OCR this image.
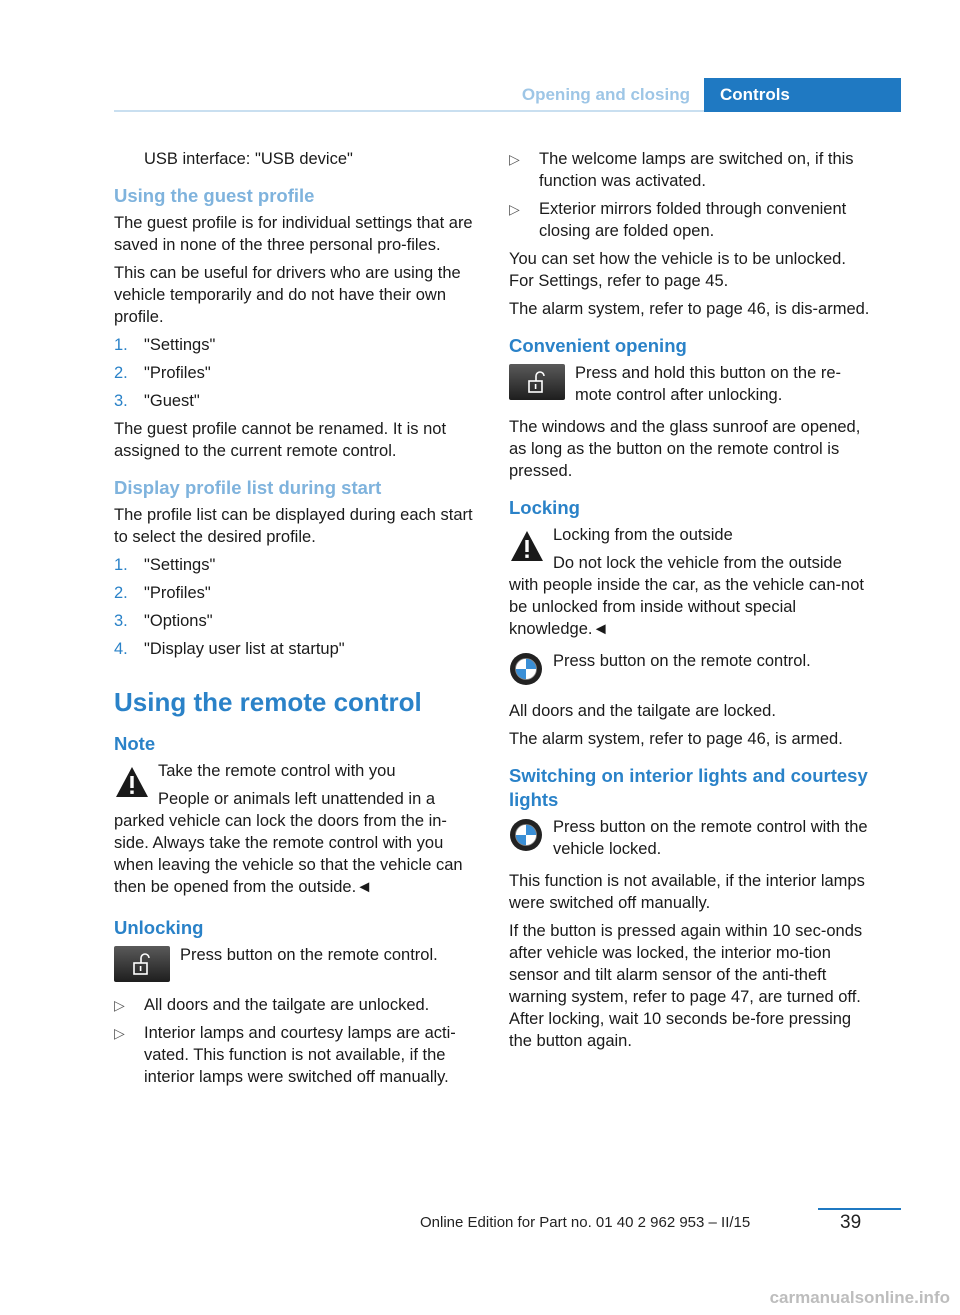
Opening and closing	Controls

USB interface: "USB device"

Using the guest profile

The guest profile is for individual settings that are saved in none of the three personal pro-files.

This can be useful for drivers who are using the vehicle temporarily and do not have their own profile.

1. "Settings"
2. "Profiles"
3. "Guest"

The guest profile cannot be renamed. It is not assigned to the current remote control.

Display profile list during start

The profile list can be displayed during each start to select the desired profile.

1. "Settings"
2. "Profiles"
3. "Options"
4. "Display user list at startup"
Using the remote control
Note

Take the remote control with you

People or animals left unattended in a parked vehicle can lock the doors from the in-side. Always take the remote control with you when leaving the vehicle so that the vehicle can then be opened from the outside.◄

Unlocking

Press button on the remote control.

▷ All doors and the tailgate are unlocked.
▷ Interior lamps and courtesy lamps are acti-vated. This function is not available, if the interior lamps were switched off manually.
▷ The welcome lamps are switched on, if this function was activated.
▷ Exterior mirrors folded through convenient closing are folded open.

You can set how the vehicle is to be unlocked. For Settings, refer to page 45.

The alarm system, refer to page 46, is dis-armed.

Convenient opening

Press and hold this button on the re-mote control after unlocking.

The windows and the glass sunroof are opened, as long as the button on the remote control is pressed.

Locking

Locking from the outside

Do not lock the vehicle from the outside with people inside the car, as the vehicle can-not be unlocked from inside without special knowledge.◄

Press button on the remote control.

All doors and the tailgate are locked.

The alarm system, refer to page 46, is armed.

Switching on interior lights and courtesy lights

Press button on the remote control with the vehicle locked.

This function is not available, if the interior lamps were switched off manually.

If the button is pressed again within 10 sec-onds after vehicle was locked, the interior mo-tion sensor and tilt alarm sensor of the anti-theft warning system, refer to page 47, are turned off. After locking, wait 10 seconds be-fore pressing the button again.

Online Edition for Part no. 01 40 2 962 953 – II/15	39
carmanualsonline.info
